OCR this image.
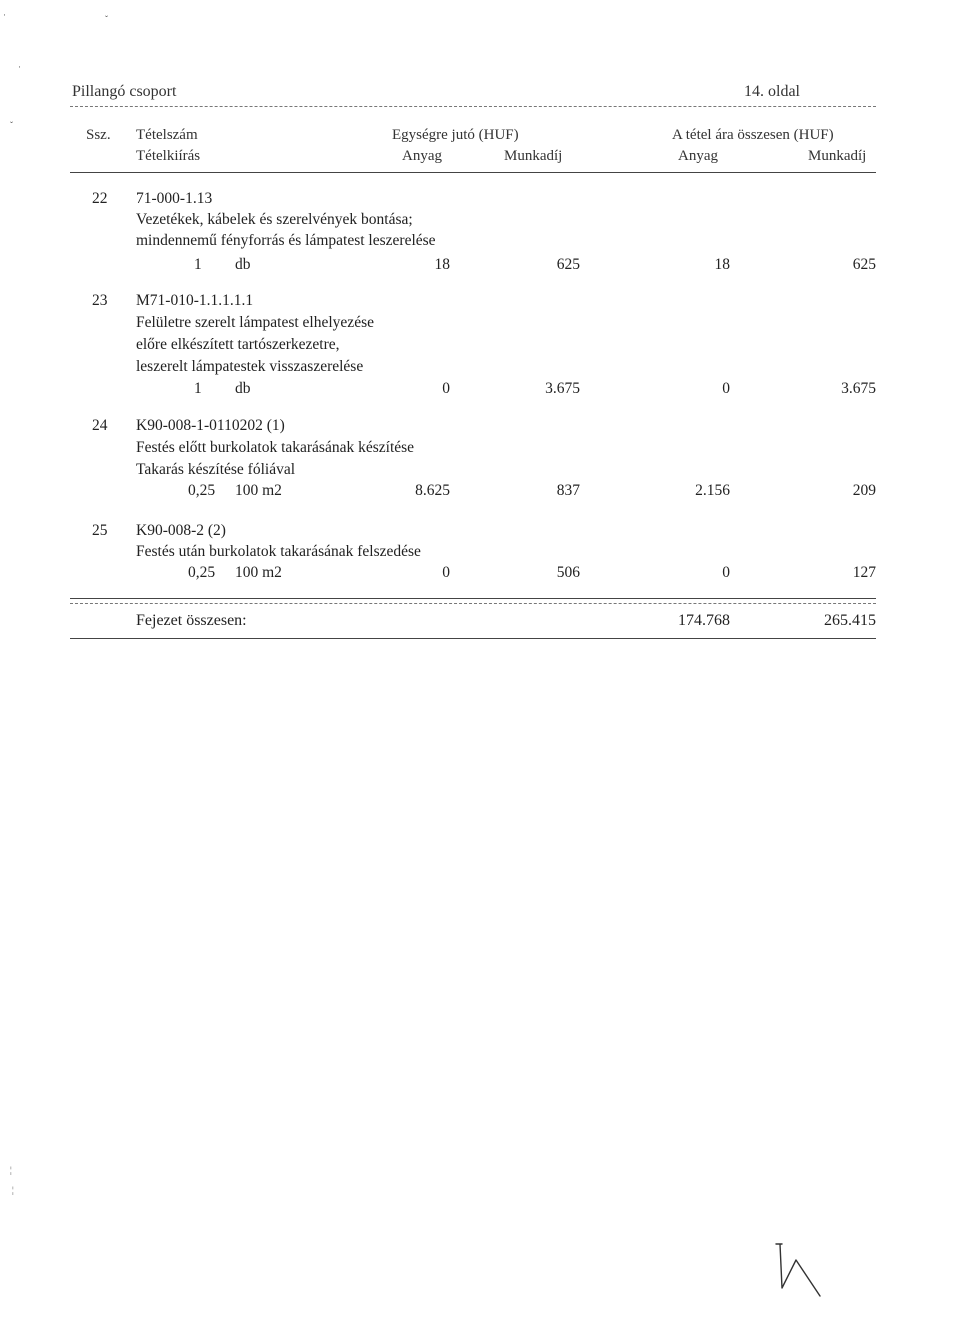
·
·
ˇ
ˇ
¦
¦
Pillangó csoport	14. oldal
Ssz. Tételszám
Tételkiírás
Egységre jutó (HUF)	A tétel ára összesen (HUF)
Anyag	Munkadíj	Anyag	Munkadíj
22 71-000-1.13
Vezetékek, kábelek és szerelvények bontása;
mindennemű fényforrás és lámpatest leszerelése
1 db	18	625	18	625
23 M71-010-1.1.1.1.1
Felületre szerelt lámpatest elhelyezése
előre elkészített tartószerkezetre,
leszerelt lámpatestek visszaszerelése
1 db	0	3.675	0	3.675
24 K90-008-1-0110202 (1)
Festés előtt burkolatok takarásának készítése
Takarás készítése fóliával
0,25 100 m2	8.625	837	2.156	209
25 K90-008-2 (2)
Festés után burkolatok takarásának felszedése
0,25 100 m2	0	506	0	127
Fejezet összesen:	174.768	265.415
